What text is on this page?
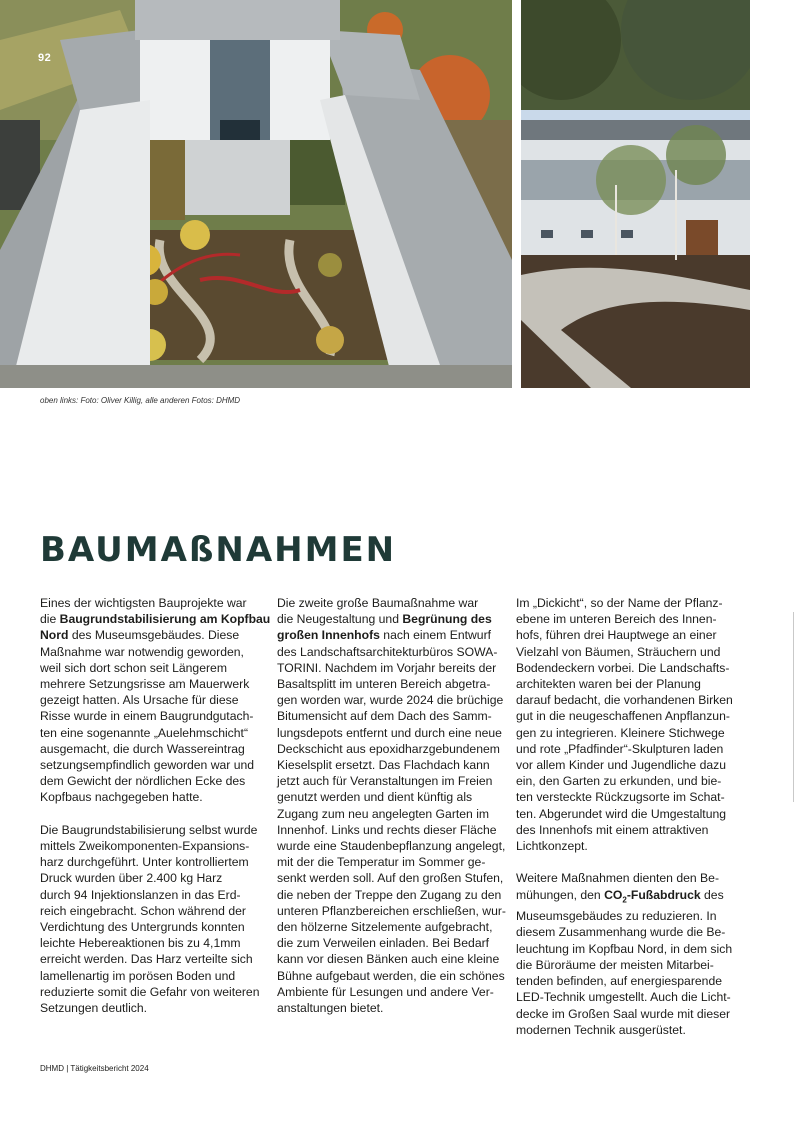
92
oben links: Foto: Oliver Killig, alle anderen Fotos: DHMD
BAUMAßNAHMEN

Eines der wichtigsten Bauprojekte war
die Baugrundstabilisierung am Kopfbau
Nord des Museumsgebäudes. Diese
Maßnahme war notwendig geworden,
weil sich dort schon seit Längerem
mehrere Setzungsrisse am Mauerwerk
gezeigt hatten. Als Ursache für diese
Risse wurde in einem Baugrundgutach-
ten eine sogenannte „Auelehmschicht“
ausgemacht, die durch Wassereintrag
setzungsempfindlich geworden war und
dem Gewicht der nördlichen Ecke des
Kopfbaus nachgegeben hatte.

Die Baugrundstabilisierung selbst wurde
mittels Zweikomponenten-Expansions-
harz durchgeführt. Unter kontrolliertem
Druck wurden über 2.400 kg Harz
durch 94 Injektionslanzen in das Erd-
reich eingebracht. Schon während der
Verdichtung des Untergrunds konnten
leichte Hebereaktionen bis zu 4,1mm
erreicht werden. Das Harz verteilte sich
lamellenartig im porösen Boden und
reduzierte somit die Gefahr von weiteren
Setzungen deutlich.

Die zweite große Baumaßnahme war
die Neugestaltung und Begrünung des
großen Innenhofs nach einem Entwurf
des Landschaftsarchitekturbüros SOWA-
TORINI. Nachdem im Vorjahr bereits der
Basaltsplitt im unteren Bereich abgetra-
gen worden war, wurde 2024 die brüchige
Bitumensicht auf dem Dach des Samm-
lungsdepots entfernt und durch eine neue
Deckschicht aus epoxidharzgebundenem
Kieselsplit ersetzt. Das Flachdach kann
jetzt auch für Veranstaltungen im Freien
genutzt werden und dient künftig als
Zugang zum neu angelegten Garten im
Innenhof. Links und rechts dieser Fläche
wurde eine Staudenbepflanzung angelegt,
mit der die Temperatur im Sommer ge-
senkt werden soll. Auf den großen Stufen,
die neben der Treppe den Zugang zu den
unteren Pflanzbereichen erschließen, wur-
den hölzerne Sitzelemente aufgebracht,
die zum Verweilen einladen. Bei Bedarf
kann vor diesen Bänken auch eine kleine
Bühne aufgebaut werden, die ein schönes
Ambiente für Lesungen und andere Ver-
anstaltungen bietet.

Im „Dickicht“, so der Name der Pflanz-
ebene im unteren Bereich des Innen-
hofs, führen drei Hauptwege an einer
Vielzahl von Bäumen, Sträuchern und
Bodendeckern vorbei. Die Landschafts-
architekten waren bei der Planung
darauf bedacht, die vorhandenen Birken
gut in die neugeschaffenen Anpflanzun-
gen zu integrieren. Kleinere Stichwege
und rote „Pfadfinder“-Skulpturen laden
vor allem Kinder und Jugendliche dazu
ein, den Garten zu erkunden, und bie-
ten versteckte Rückzugsorte im Schat-
ten. Abgerundet wird die Umgestaltung
des Innenhofs mit einem attraktiven
Lichtkonzept.

Weitere Maßnahmen dienten den Be-
mühungen, den $CO_2$-Fußabdruck des
Museumsgebäudes zu reduzieren. In
diesem Zusammenhang wurde die Be-
leuchtung im Kopfbau Nord, in dem sich
die Büroräume der meisten Mitarbei-
tenden befinden, auf energiesparende
LED-Technik umgestellt. Auch die Licht-
decke im Großen Saal wurde mit dieser
modernen Technik ausgerüstet.

DHMD | Tätigkeitsbericht 2024
